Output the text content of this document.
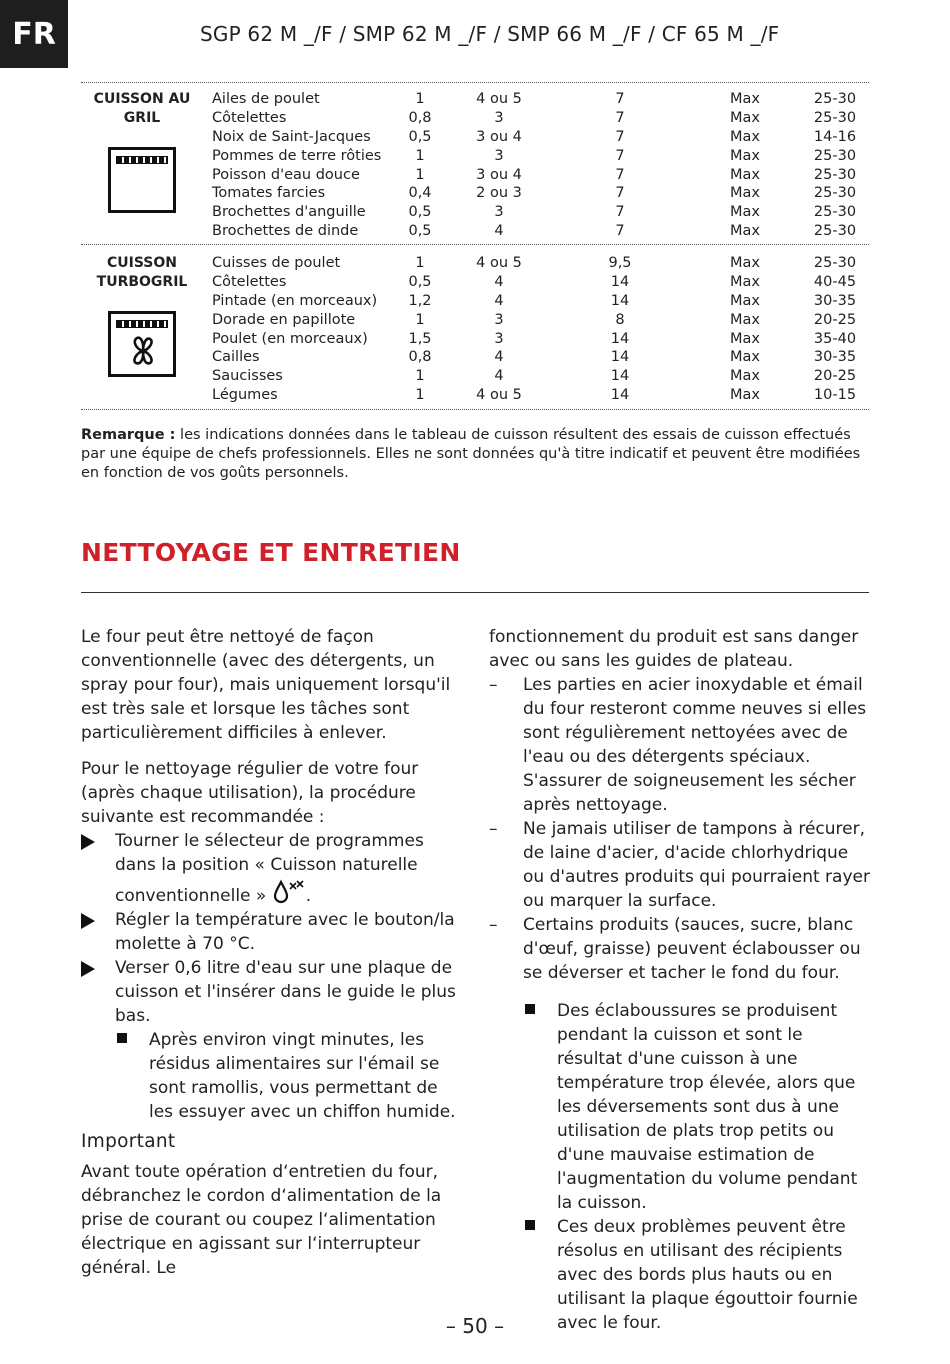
FR	SGP 62 M _/F / SMP 62 M _/F / SMP 66 M _/F / CF 65 M _/F
CUISSON AU GRIL
Ailes de poulet	1	4 ou 5	7	Max	25-30
Côtelettes	0,8	3	7	Max	25-30
Noix de Saint-Jacques	0,5	3 ou 4	7	Max	14-16
Pommes de terre rôties	1	3	7	Max	25-30
Poisson d'eau douce	1	3 ou 4	7	Max	25-30
Tomates farcies	0,4	2 ou 3	7	Max	25-30
Brochettes d'anguille	0,5	3	7	Max	25-30
Brochettes de dinde	0,5	4	7	Max	25-30
CUISSON TURBOGRIL
Cuisses de poulet	1	4 ou 5	9,5	Max	25-30
Côtelettes	0,5	4	14	Max	40-45
Pintade (en morceaux)	1,2	4	14	Max	30-35
Dorade en papillote	1	3	8	Max	20-25
Poulet (en morceaux)	1,5	3	14	Max	35-40
Cailles	0,8	4	14	Max	30-35
Saucisses	1	4	14	Max	20-25
Légumes	1	4 ou 5	14	Max	10-15
Remarque : les indications données dans le tableau de cuisson résultent des essais de cuisson effectués par une équipe de chefs professionnels. Elles ne sont données qu'à titre indicatif et peuvent être modifiées en fonction de vos goûts personnels.
NETTOYAGE ET ENTRETIEN

Le four peut être nettoyé de façon conventionnelle (avec des détergents, un spray pour four), mais uniquement lorsqu'il est très sale et lorsque les tâches sont particulièrement difficiles à enlever.

Pour le nettoyage régulier de votre four (après chaque utilisation), la procédure suivante est recommandée :

Tourner le sélecteur de programmes dans la position « Cuisson naturelle
conventionnelle » .
Régler la température avec le bouton/la molette à 70 °C.
Verser 0,6 litre d'eau sur une plaque de cuisson et l'insérer dans le guide le plus bas.
Après environ vingt minutes, les résidus alimentaires sur l'émail se sont ramollis, vous permettant de les essuyer avec un chiffon humide.
Important

Avant toute opération d‘entretien du four, débranchez le cordon d‘alimentation de la prise de courant ou coupez l‘alimentation électrique en agissant sur l‘interrupteur général. Le

fonctionnement du produit est sans danger avec ou sans les guides de plateau.

– Les parties en acier inoxydable et émail du four resteront comme neuves si elles sont régulièrement nettoyées avec de l'eau ou des détergents spéciaux. S'assurer de soigneusement les sécher après nettoyage.
– Ne jamais utiliser de tampons à récurer, de laine d'acier, d'acide chlorhydrique ou d'autres produits qui pourraient rayer ou marquer la surface.
– Certains produits (sauces, sucre, blanc d'œuf, graisse) peuvent éclabousser ou se déverser et tacher le fond du four.
Des éclaboussures se produisent pendant la cuisson et sont le résultat d'une cuisson à une température trop élevée, alors que les déversements sont dus à une utilisation de plats trop petits ou d'une mauvaise estimation de l'augmentation du volume pendant la cuisson.
Ces deux problèmes peuvent être résolus en utilisant des récipients avec des bords plus hauts ou en utilisant la plaque égouttoir fournie avec le four.
– 50 –
